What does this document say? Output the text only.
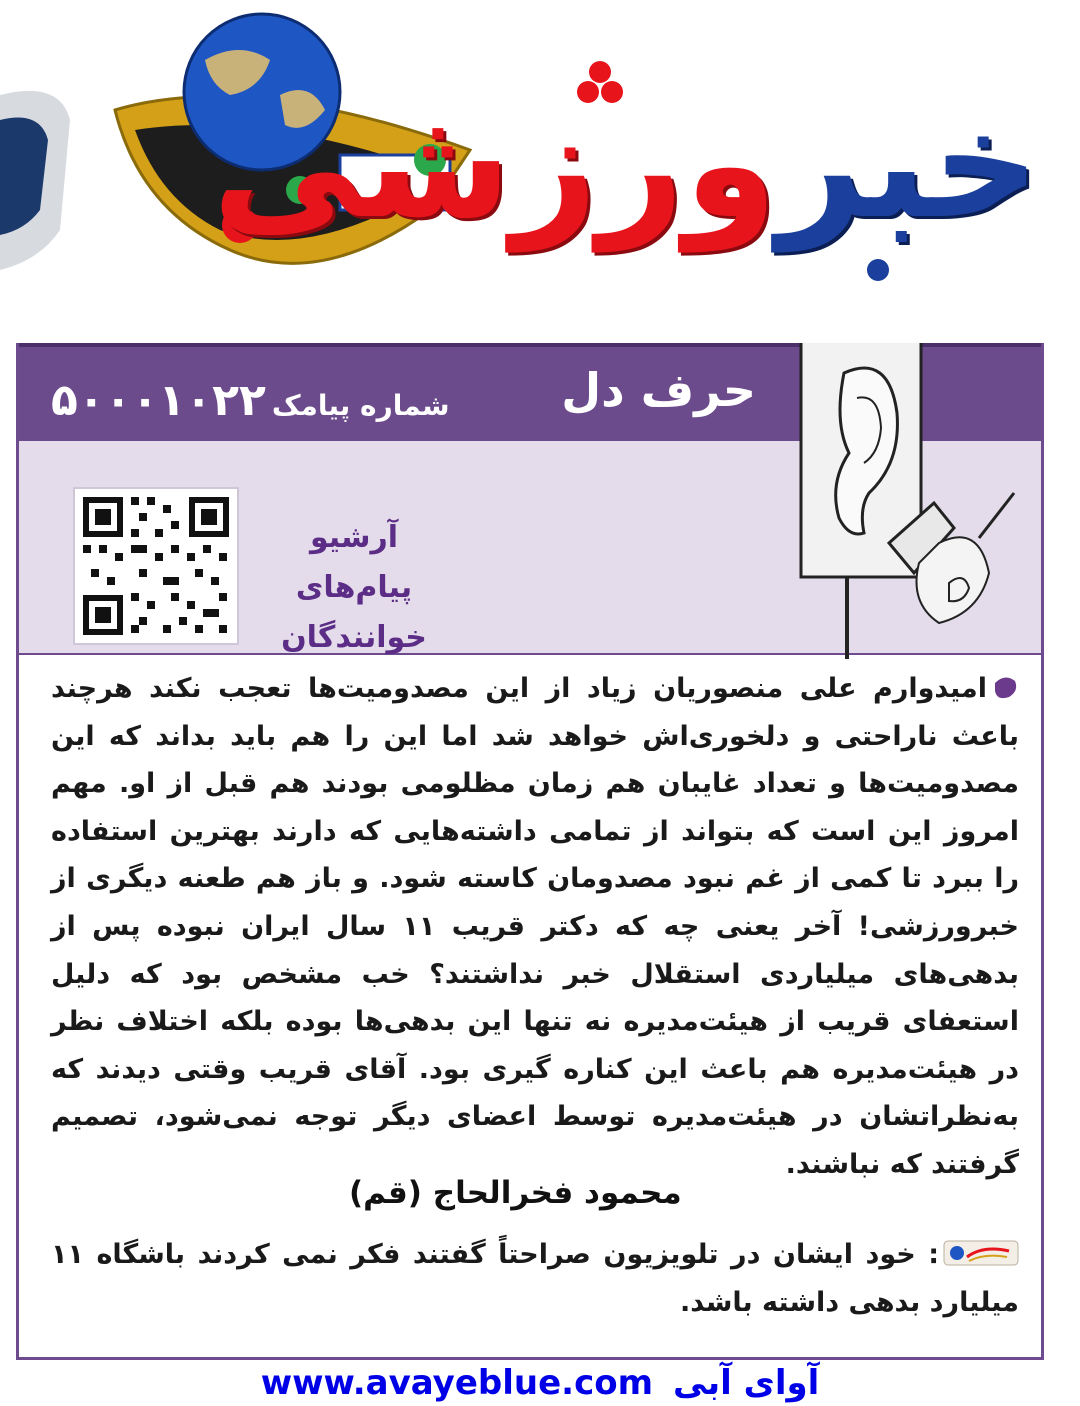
خبرورزشی
حرف دل
شماره پیامک۵۰۰۰۱۰۲۲
آرشیو پیام‌های
خوانندگان
امیدوارم علی منصوریان زیاد از این مصدومیت‌ها تعجب نکند هرچند باعث ناراحتی و دلخوری‌اش خواهد شد اما این را هم باید بداند که این مصدومیت‌ها و تعداد غایبان هم زمان مظلومی بودند هم قبل از او. مهم امروز این است که بتواند از تمامی داشته‌هایی که دارند بهترین استفاده را ببرد تا کمی از غم نبود مصدومان کاسته شود. و باز هم طعنه دیگری از خبرورزشی! آخر یعنی چه که دکتر قریب ۱۱ سال ایران نبوده پس از بدهی‌های میلیاردی استقلال خبر نداشتند؟ خب مشخص بود که دلیل استعفای قریب از هیئت‌مدیره نه تنها این بدهی‌ها بوده بلکه اختلاف نظر در هیئت‌مدیره هم باعث این کناره گیری بود. آقای قریب وقتی دیدند که به‌نظراتشان در هیئت‌مدیره توسط اعضای دیگر توجه نمی‌شود، تصمیم گرفتند که نباشند.
محمود فخرالحاج (قم)
: خود ایشان در تلویزیون صراحتاً گفتند فکر نمی کردند باشگاه ۱۱ میلیارد بدهی داشته باشد.
www.avayeblue.com آوای آبی
